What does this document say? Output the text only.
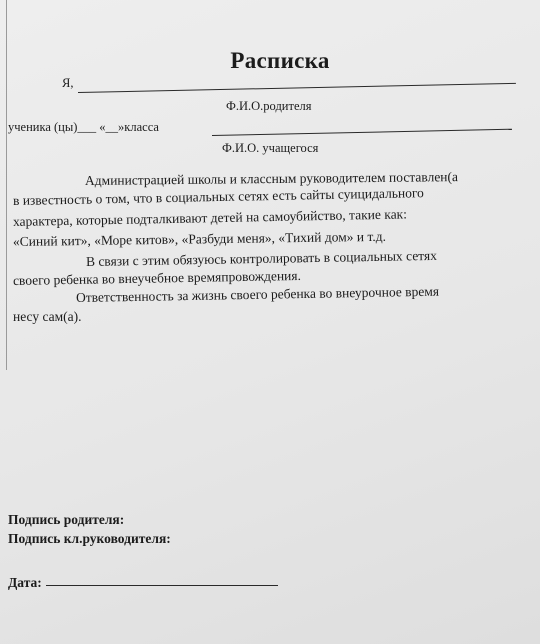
Расписка
Я,
Ф.И.О.родителя
ученика (цы)___ «__»класса
Ф.И.О. учащегося
Администрацией школы и классным руководителем поставлен(а
в известность о том, что в социальных сетях есть сайты суицидального
характера, которые подталкивают детей на самоубийство, такие как:
«Синий кит», «Море китов», «Разбуди меня», «Тихий дом» и т.д.
В связи с этим обязуюсь контролировать в социальных сетях
своего ребенка во внеучебное времяпровождения.
Ответственность за жизнь своего ребенка во внеурочное время
несу сам(а).
Подпись родителя:
Подпись кл.руководителя:
Дата:
